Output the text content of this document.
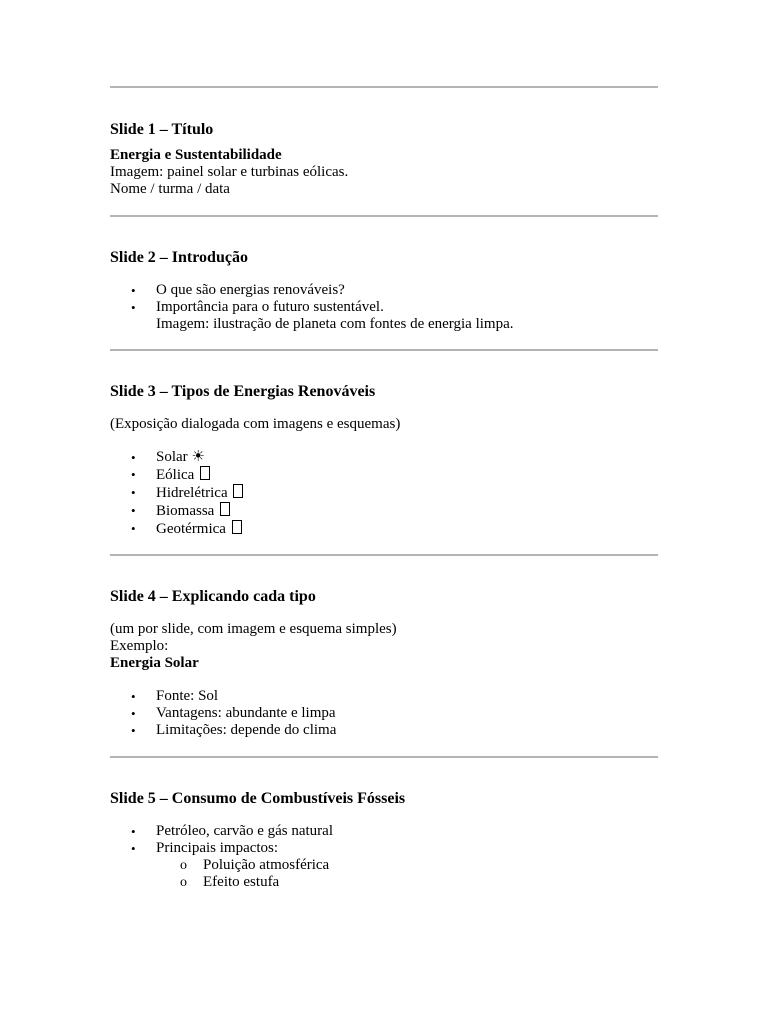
Slide 1 – Título

Energia e Sustentabilidade

Imagem: painel solar e turbinas eólicas.

Nome / turma / data

Slide 2 – Introdução
• O que são energias renováveis?
• Importância para o futuro sustentável.

Imagem: ilustração de planeta com fontes de energia limpa.

Slide 3 – Tipos de Energias Renováveis

(Exposição dialogada com imagens e esquemas)

• Solar ☀
• Eólica
• Hidrelétrica
• Biomassa
• Geotérmica
Slide 4 – Explicando cada tipo

(um por slide, com imagem e esquema simples)

Exemplo:

Energia Solar

• Fonte: Sol
• Vantagens: abundante e limpa
• Limitações: depende do clima
Slide 5 – Consumo de Combustíveis Fósseis
• Petróleo, carvão e gás natural
• Principais impactos:
o Poluição atmosférica
o Efeito estufa
